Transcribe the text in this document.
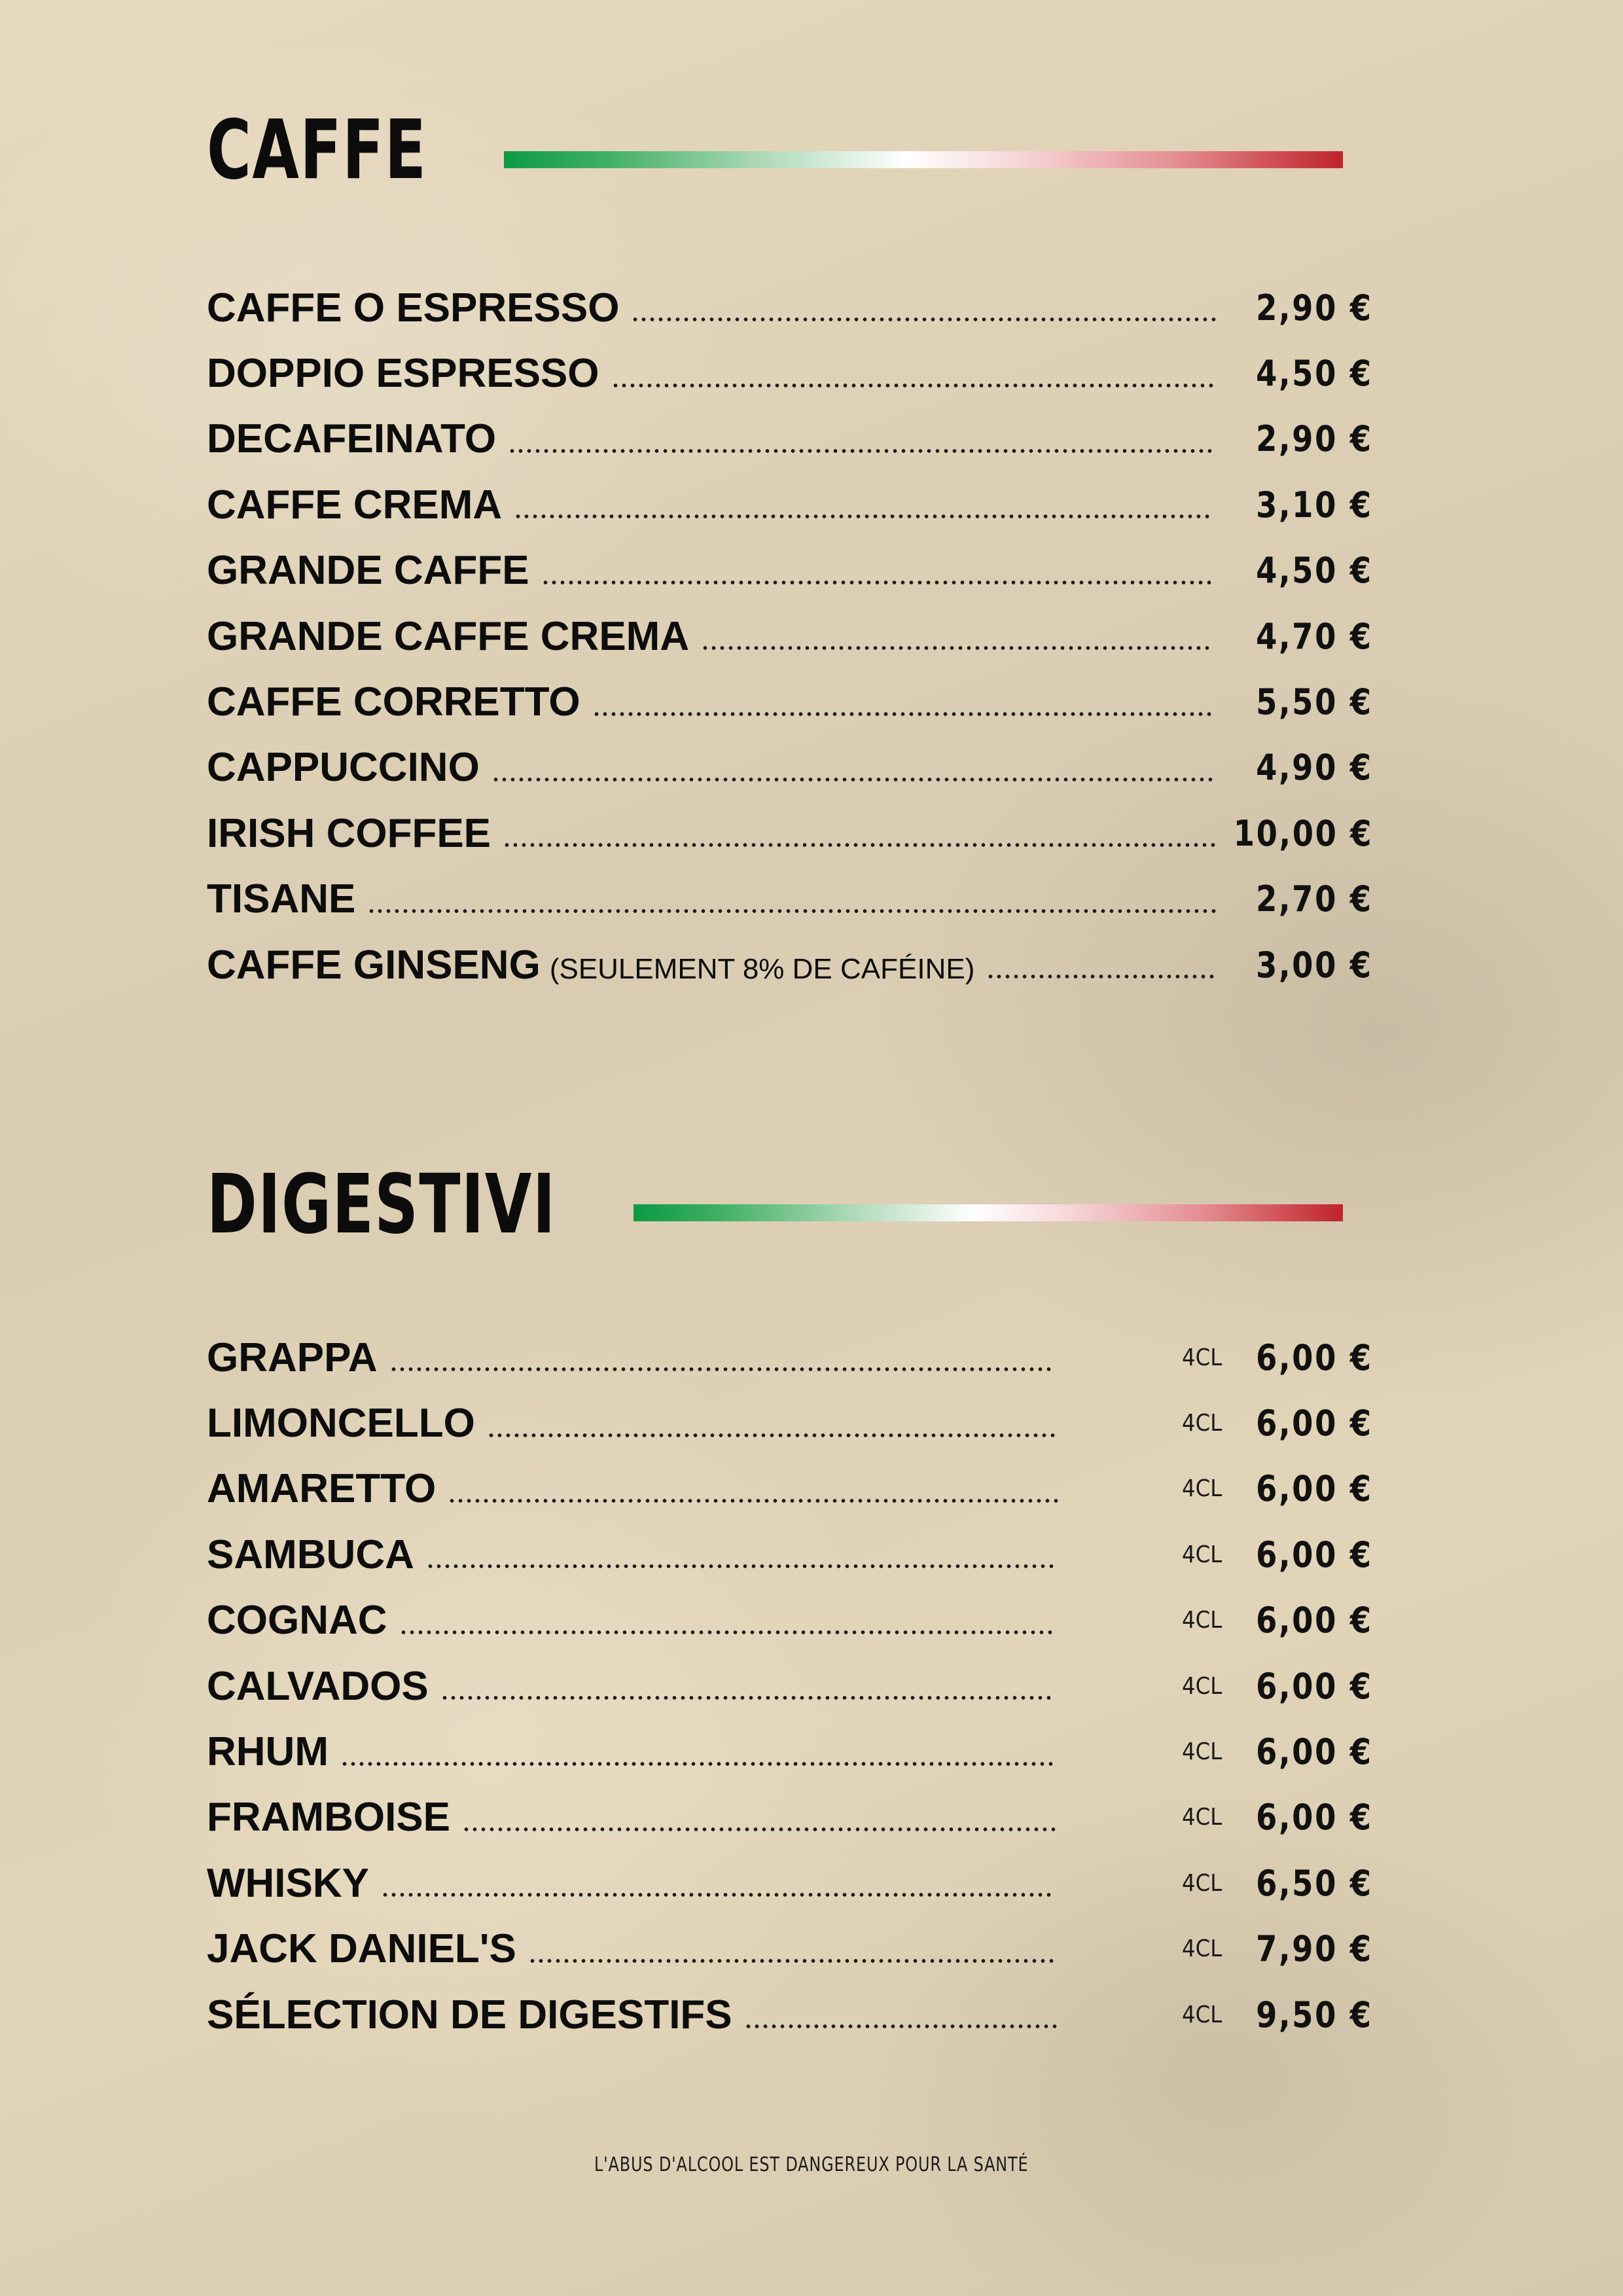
CAFFE
CAFFE O ESPRESSO	2,90 €
DOPPIO ESPRESSO	4,50 €
DECAFEINATO	2,90 €
CAFFE CREMA	3,10 €
GRANDE CAFFE	4,50 €
GRANDE CAFFE CREMA	4,70 €
CAFFE CORRETTO	5,50 €
CAPPUCCINO	4,90 €
IRISH COFFEE	10,00 €
TISANE	2,70 €
CAFFE GINSENG (SEULEMENT 8% DE CAFÉINE)	3,00 €
DIGESTIVI
GRAPPA	4CL 6,00 €
LIMONCELLO	4CL 6,00 €
AMARETTO	4CL 6,00 €
SAMBUCA	4CL 6,00 €
COGNAC	4CL 6,00 €
CALVADOS	4CL 6,00 €
RHUM	4CL 6,00 €
FRAMBOISE	4CL 6,00 €
WHISKY	4CL 6,50 €
JACK DANIEL'S	4CL 7,90 €
SÉLECTION DE DIGESTIFS	4CL 9,50 €
L'ABUS D'ALCOOL EST DANGEREUX POUR LA SANTÉ
